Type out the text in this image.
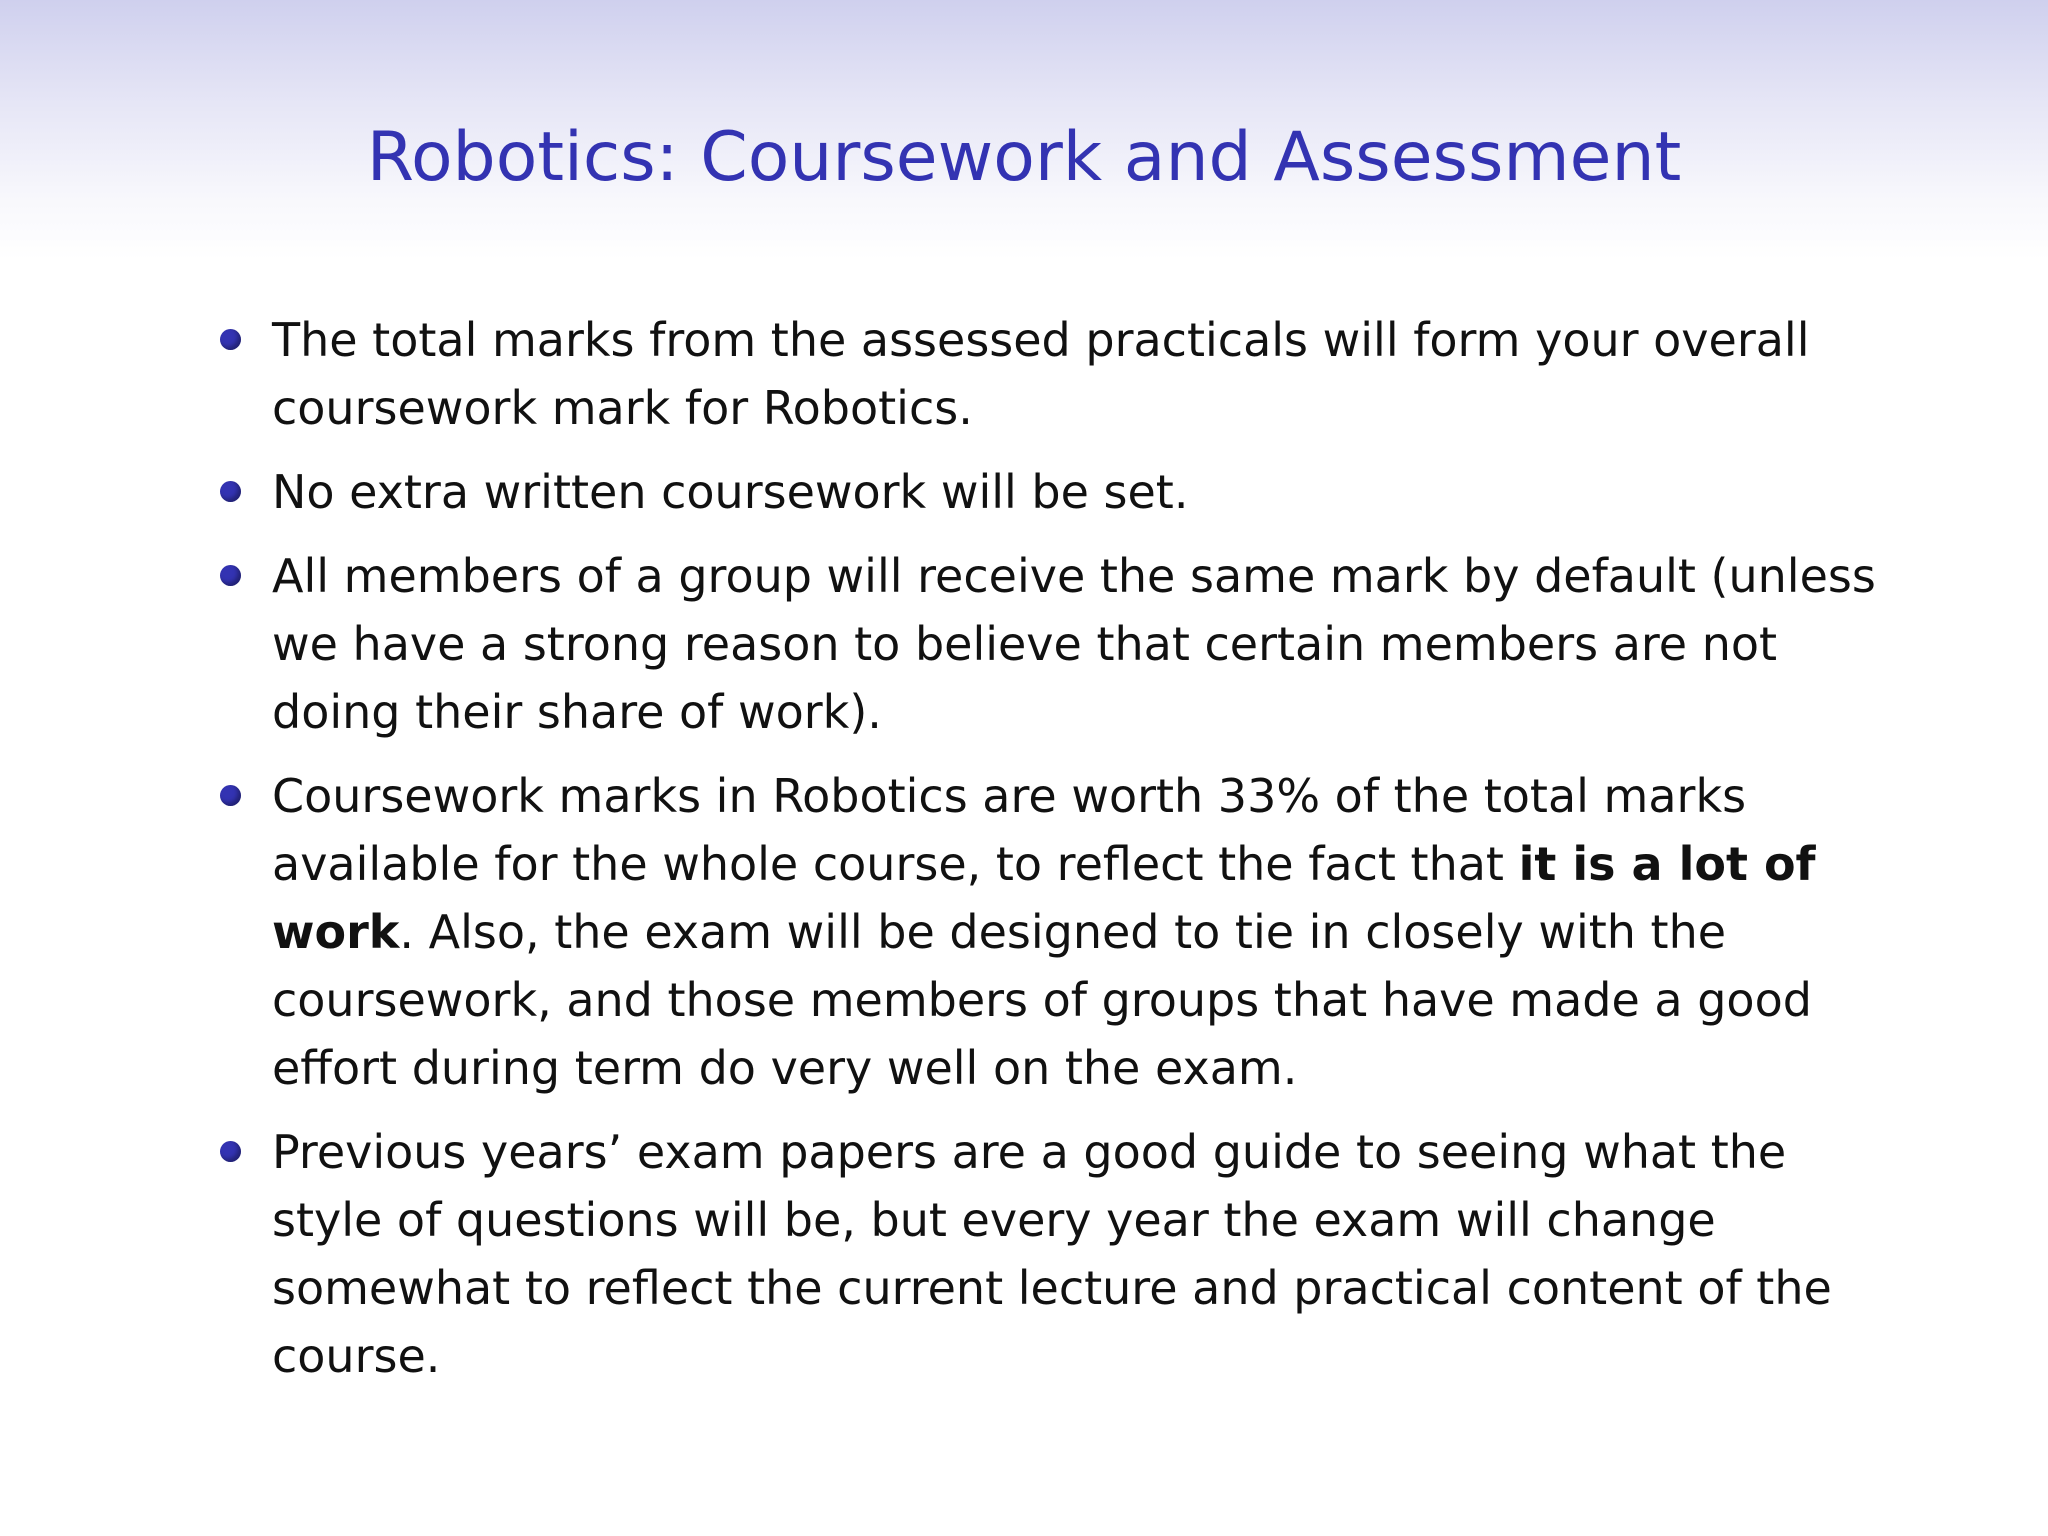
Robotics: Coursework and Assessment
The total marks from the assessed practicals will form your overall coursework mark for Robotics.
No extra written coursework will be set.
All members of a group will receive the same mark by default (unless we have a strong reason to believe that certain members are not doing their share of work).
Coursework marks in Robotics are worth 33% of the total marks available for the whole course, to reflect the fact that it is a lot of work. Also, the exam will be designed to tie in closely with the coursework, and those members of groups that have made a good effort during term do very well on the exam.
Previous years’ exam papers are a good guide to seeing what the style of questions will be, but every year the exam will change somewhat to reflect the current lecture and practical content of the course.
